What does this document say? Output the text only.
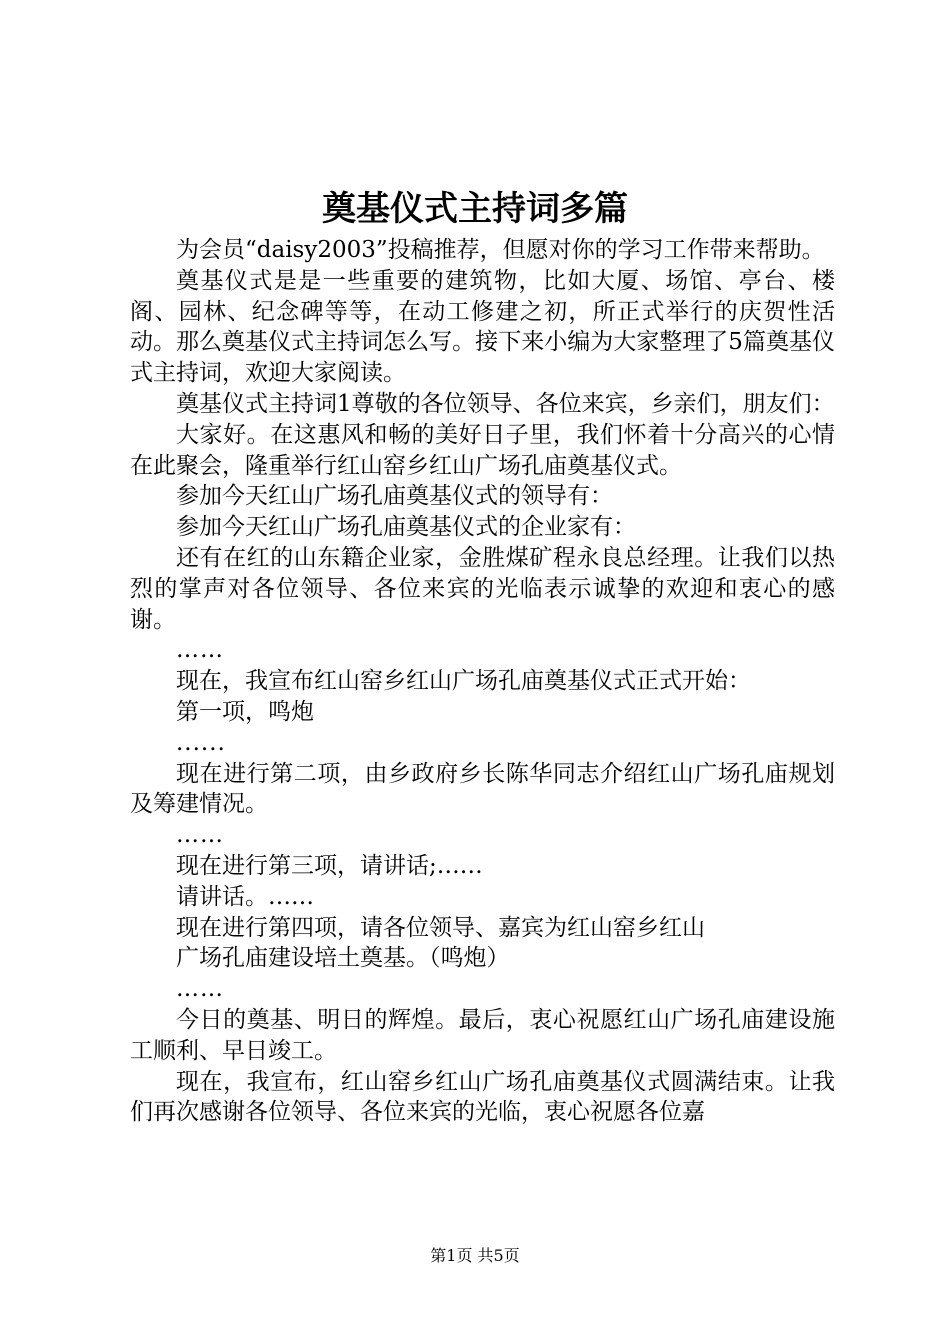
奠基仪式主持词多篇

为会员“daisy2003”投稿推荐，但愿对你的学习工作带来帮助。

奠基仪式是是一些重要的建筑物，比如大厦、场馆、亭台、楼阁、园林、纪念碑等等，在动工修建之初，所正式举行的庆贺性活动。那么奠基仪式主持词怎么写。接下来小编为大家整理了5篇奠基仪式主持词，欢迎大家阅读。

奠基仪式主持词1尊敬的各位领导、各位来宾，乡亲们，朋友们：

大家好。在这惠风和畅的美好日子里，我们怀着十分高兴的心情在此聚会，隆重举行红山窑乡红山广场孔庙奠基仪式。

参加今天红山广场孔庙奠基仪式的领导有：

参加今天红山广场孔庙奠基仪式的企业家有：

还有在红的山东籍企业家，金胜煤矿程永良总经理。让我们以热烈的掌声对各位领导、各位来宾的光临表示诚挚的欢迎和衷心的感谢。

……

现在，我宣布红山窑乡红山广场孔庙奠基仪式正式开始：

第一项，鸣炮

......

现在进行第二项，由乡政府乡长陈华同志介绍红山广场孔庙规划及筹建情况。

……

现在进行第三项，请讲话;……

请讲话。……

现在进行第四项，请各位领导、嘉宾为红山窑乡红山

广场孔庙建设培土奠基。（鸣炮）

……

今日的奠基、明日的辉煌。最后，衷心祝愿红山广场孔庙建设施工顺利、早日竣工。

现在，我宣布，红山窑乡红山广场孔庙奠基仪式圆满结束。让我们再次感谢各位领导、各位来宾的光临，衷心祝愿各位嘉

第1页 共5页
